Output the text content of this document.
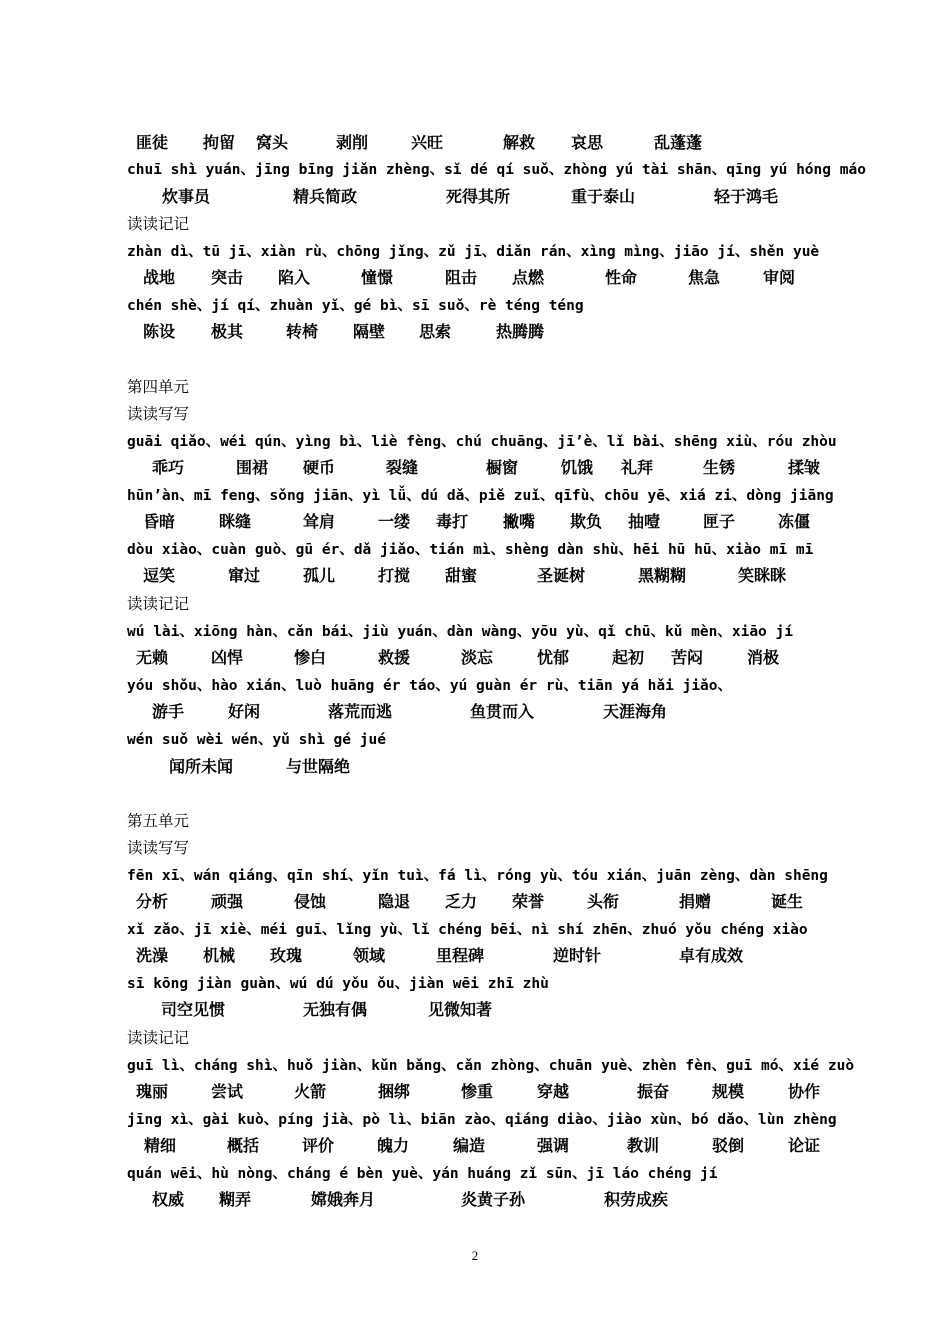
匪徒 拘留 窝头	剥削	兴旺	解救 哀思	乱蓬蓬
chuī shì yuán、jīng bīng jiǎn zhèng、sǐ dé qí suǒ、zhòng yú tài shān、qīng yú hóng máo
炊事员	精兵简政	死得其所	重于泰山	轻于鸿毛
读读记记
zhàn dì、tū jī、xiàn rù、chōng jǐng、zǔ jī、diǎn rán、xìng mìng、jiāo jí、shěn yuè
战地 突击 陷入	憧憬	阻击 点燃	性命	焦急	审阅
chén shè、jí qí、zhuàn yǐ、gé bì、sī suǒ、rè téng téng
陈设 极其	转椅 隔壁 思索	热腾腾
第四单元
读读写写
guāi qiǎo、wéi qún、yìng bì、liè fèng、chú chuāng、jī’è、lǐ bài、shēng xiù、róu zhòu
乖巧	围裙 硬币	裂缝	橱窗	饥饿 礼拜	生锈	揉皱
hūn’àn、mī feng、sǒng jiān、yì lǚ、dú dǎ、piě zuǐ、qīfù、chōu yē、xiá zi、dòng jiāng
昏暗	眯缝	耸肩	一缕 毒打 撇嘴 欺负 抽噎	匣子	冻僵
dòu xiào、cuàn guò、gū ér、dǎ jiǎo、tián mì、shèng dàn shù、hēi hū hū、xiào mī mī
逗笑	窜过	孤儿	打搅 甜蜜	圣诞树	黑糊糊	笑眯眯
读读记记
wú lài、xiōng hàn、cǎn bái、jiù yuán、dàn wàng、yōu yù、qǐ chū、kǔ mèn、xiāo jí
无赖	凶悍	惨白	救援	淡忘	忧郁	起初 苦闷	消极
yóu shǒu、hào xián、luò huāng ér táo、yú guàn ér rù、tiān yá hǎi jiǎo、
游手	好闲	落荒而逃	鱼贯而入	天涯海角
wén suǒ wèi wén、yǔ shì gé jué
闻所未闻	与世隔绝
第五单元
读读写写
fēn xī、wán qiáng、qīn shí、yǐn tuì、fá lì、róng yù、tóu xián、juān zèng、dàn shēng
分析	顽强	侵蚀	隐退 乏力 荣誉	头衔	捐赠	诞生
xǐ zǎo、jī xiè、méi guī、lǐng yù、lǐ chéng bēi、nì shí zhēn、zhuó yǒu chéng xiào
洗澡 机械 玫瑰	领域	里程碑	逆时针	卓有成效
sī kōng jiàn guàn、wú dú yǒu ǒu、jiàn wēi zhī zhù
司空见惯	无独有偶	见微知著
读读记记
guī lì、cháng shì、huǒ jiàn、kǔn bǎng、cǎn zhòng、chuān yuè、zhèn fèn、guī mó、xié zuò
瑰丽	尝试	火箭	捆绑	惨重	穿越	振奋	规模	协作
jīng xì、gài kuò、píng jià、pò lì、biān zào、qiáng diào、jiào xùn、bó dǎo、lùn zhèng
精细	概括	评价	魄力	编造	强调	教训	驳倒	论证
quán wēi、hù nòng、cháng é bèn yuè、yán huáng zǐ sūn、jī láo chéng jí
权威 糊弄	嫦娥奔月	炎黄子孙	积劳成疾
2
